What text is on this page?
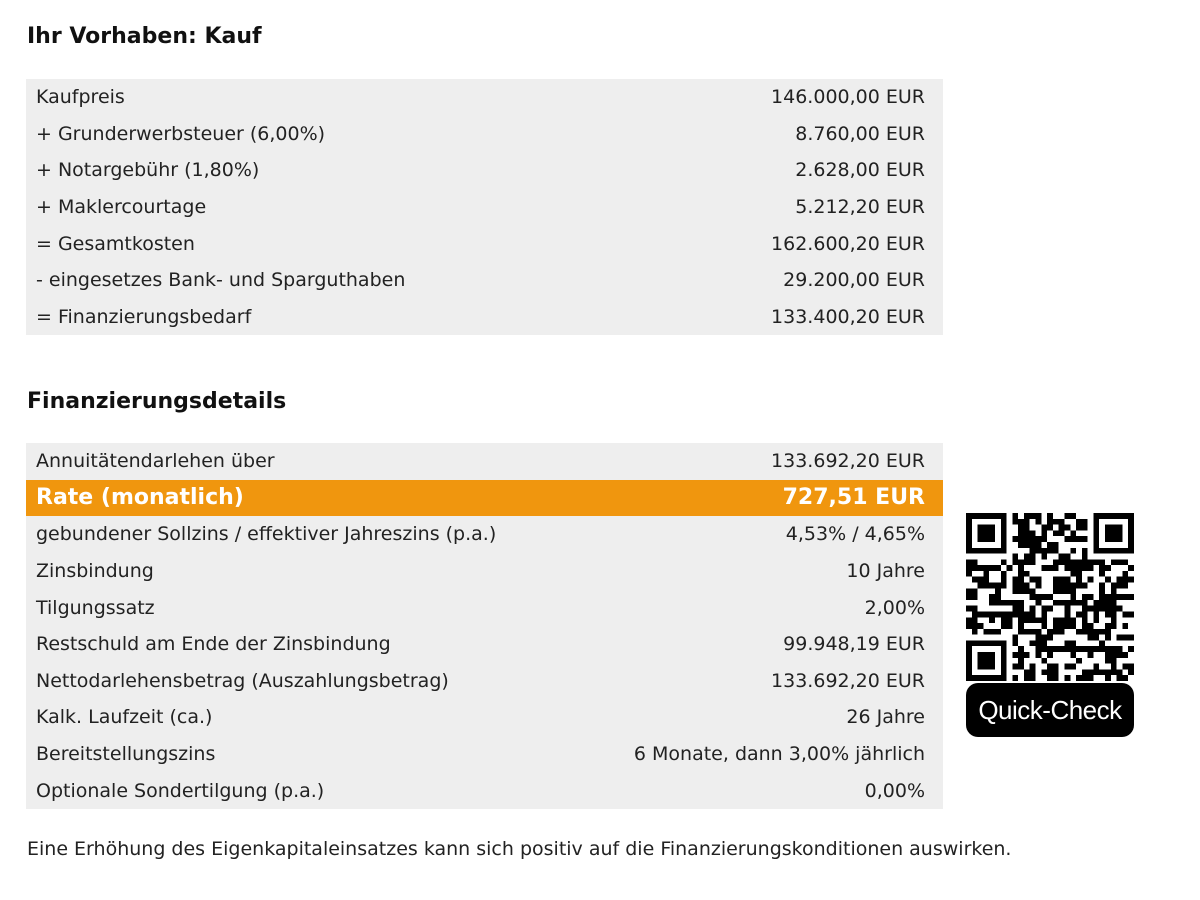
Ihr Vorhaben: Kauf
Kaufpreis	146.000,00 EUR
+ Grunderwerbsteuer (6,00%)	8.760,00 EUR
+ Notargebühr (1,80%)	2.628,00 EUR
+ Maklercourtage	5.212,20 EUR
= Gesamtkosten	162.600,20 EUR
- eingesetzes Bank- und Sparguthaben	29.200,00 EUR
= Finanzierungsbedarf	133.400,20 EUR
Finanzierungsdetails
Annuitätendarlehen über	133.692,20 EUR
Rate (monatlich)	727,51 EUR
gebundener Sollzins / effektiver Jahreszins (p.a.)	4,53% / 4,65%
Zinsbindung	10 Jahre
Tilgungssatz	2,00%
Restschuld am Ende der Zinsbindung	99.948,19 EUR
Nettodarlehensbetrag (Auszahlungsbetrag)	133.692,20 EUR
Kalk. Laufzeit (ca.)	26 Jahre
Bereitstellungszins	6 Monate, dann 3,00% jährlich
Optionale Sondertilgung (p.a.)	0,00%
Quick-Check

Eine Erhöhung des Eigenkapitaleinsatzes kann sich positiv auf die Finanzierungskonditionen auswirken.
